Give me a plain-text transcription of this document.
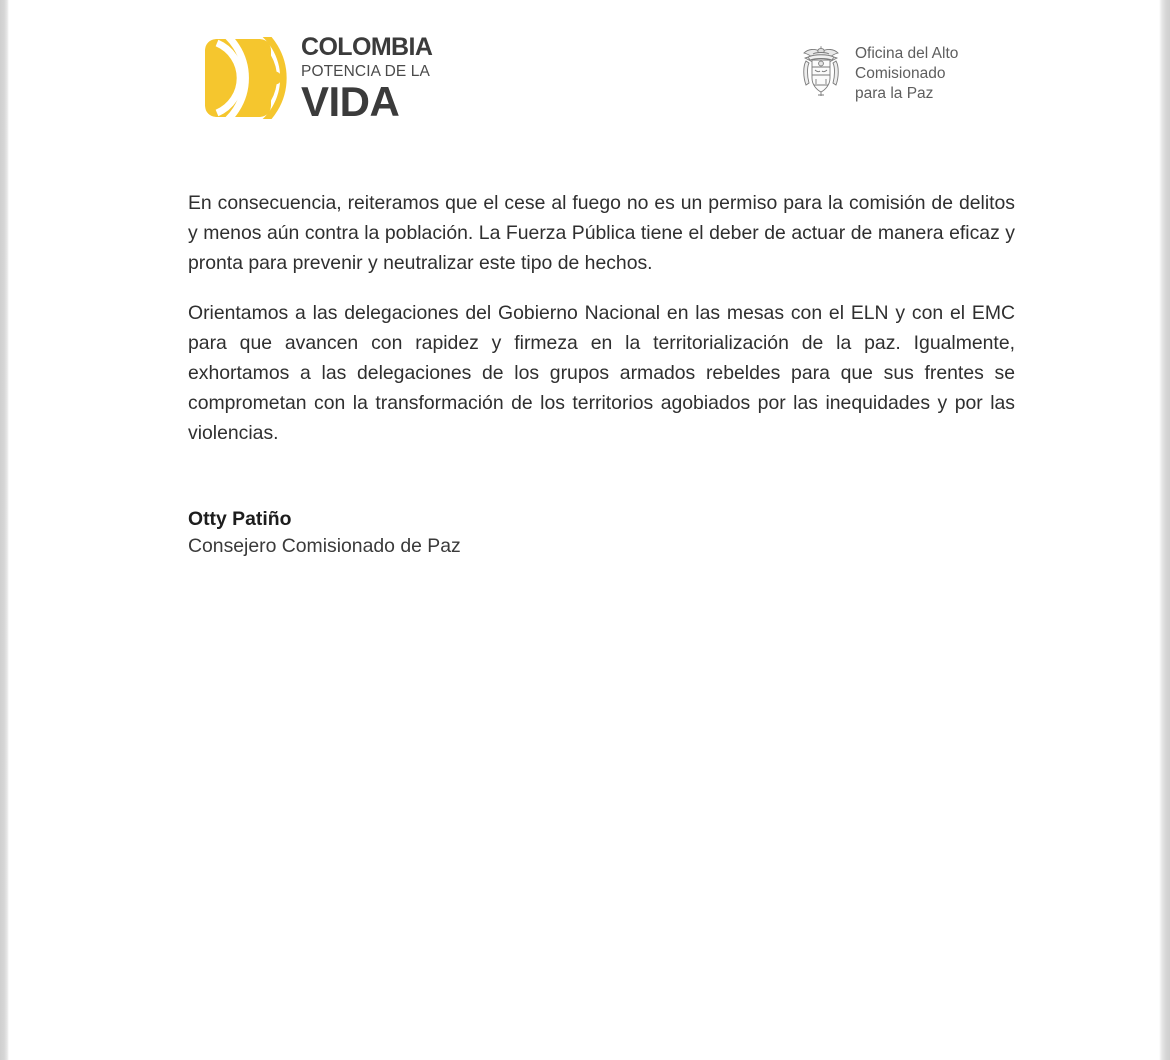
COLOMBIA
POTENCIA DE LA
VIDA
Oficina del Alto
Comisionado
para la Paz

En consecuencia, reiteramos que el cese al fuego no es un permiso para la comisión de delitos y menos aún contra la población. La Fuerza Pública tiene el deber de actuar de manera eficaz y pronta para prevenir y neutralizar este tipo de hechos.

Orientamos a las delegaciones del Gobierno Nacional en las mesas con el ELN y con el EMC para que avancen con rapidez y firmeza en la territorialización de la paz. Igualmente, exhortamos a las delegaciones de los grupos armados rebeldes para que sus frentes se comprometan con la transformación de los territorios agobiados por las inequidades y por las violencias.

Otty Patiño

Consejero Comisionado de Paz
